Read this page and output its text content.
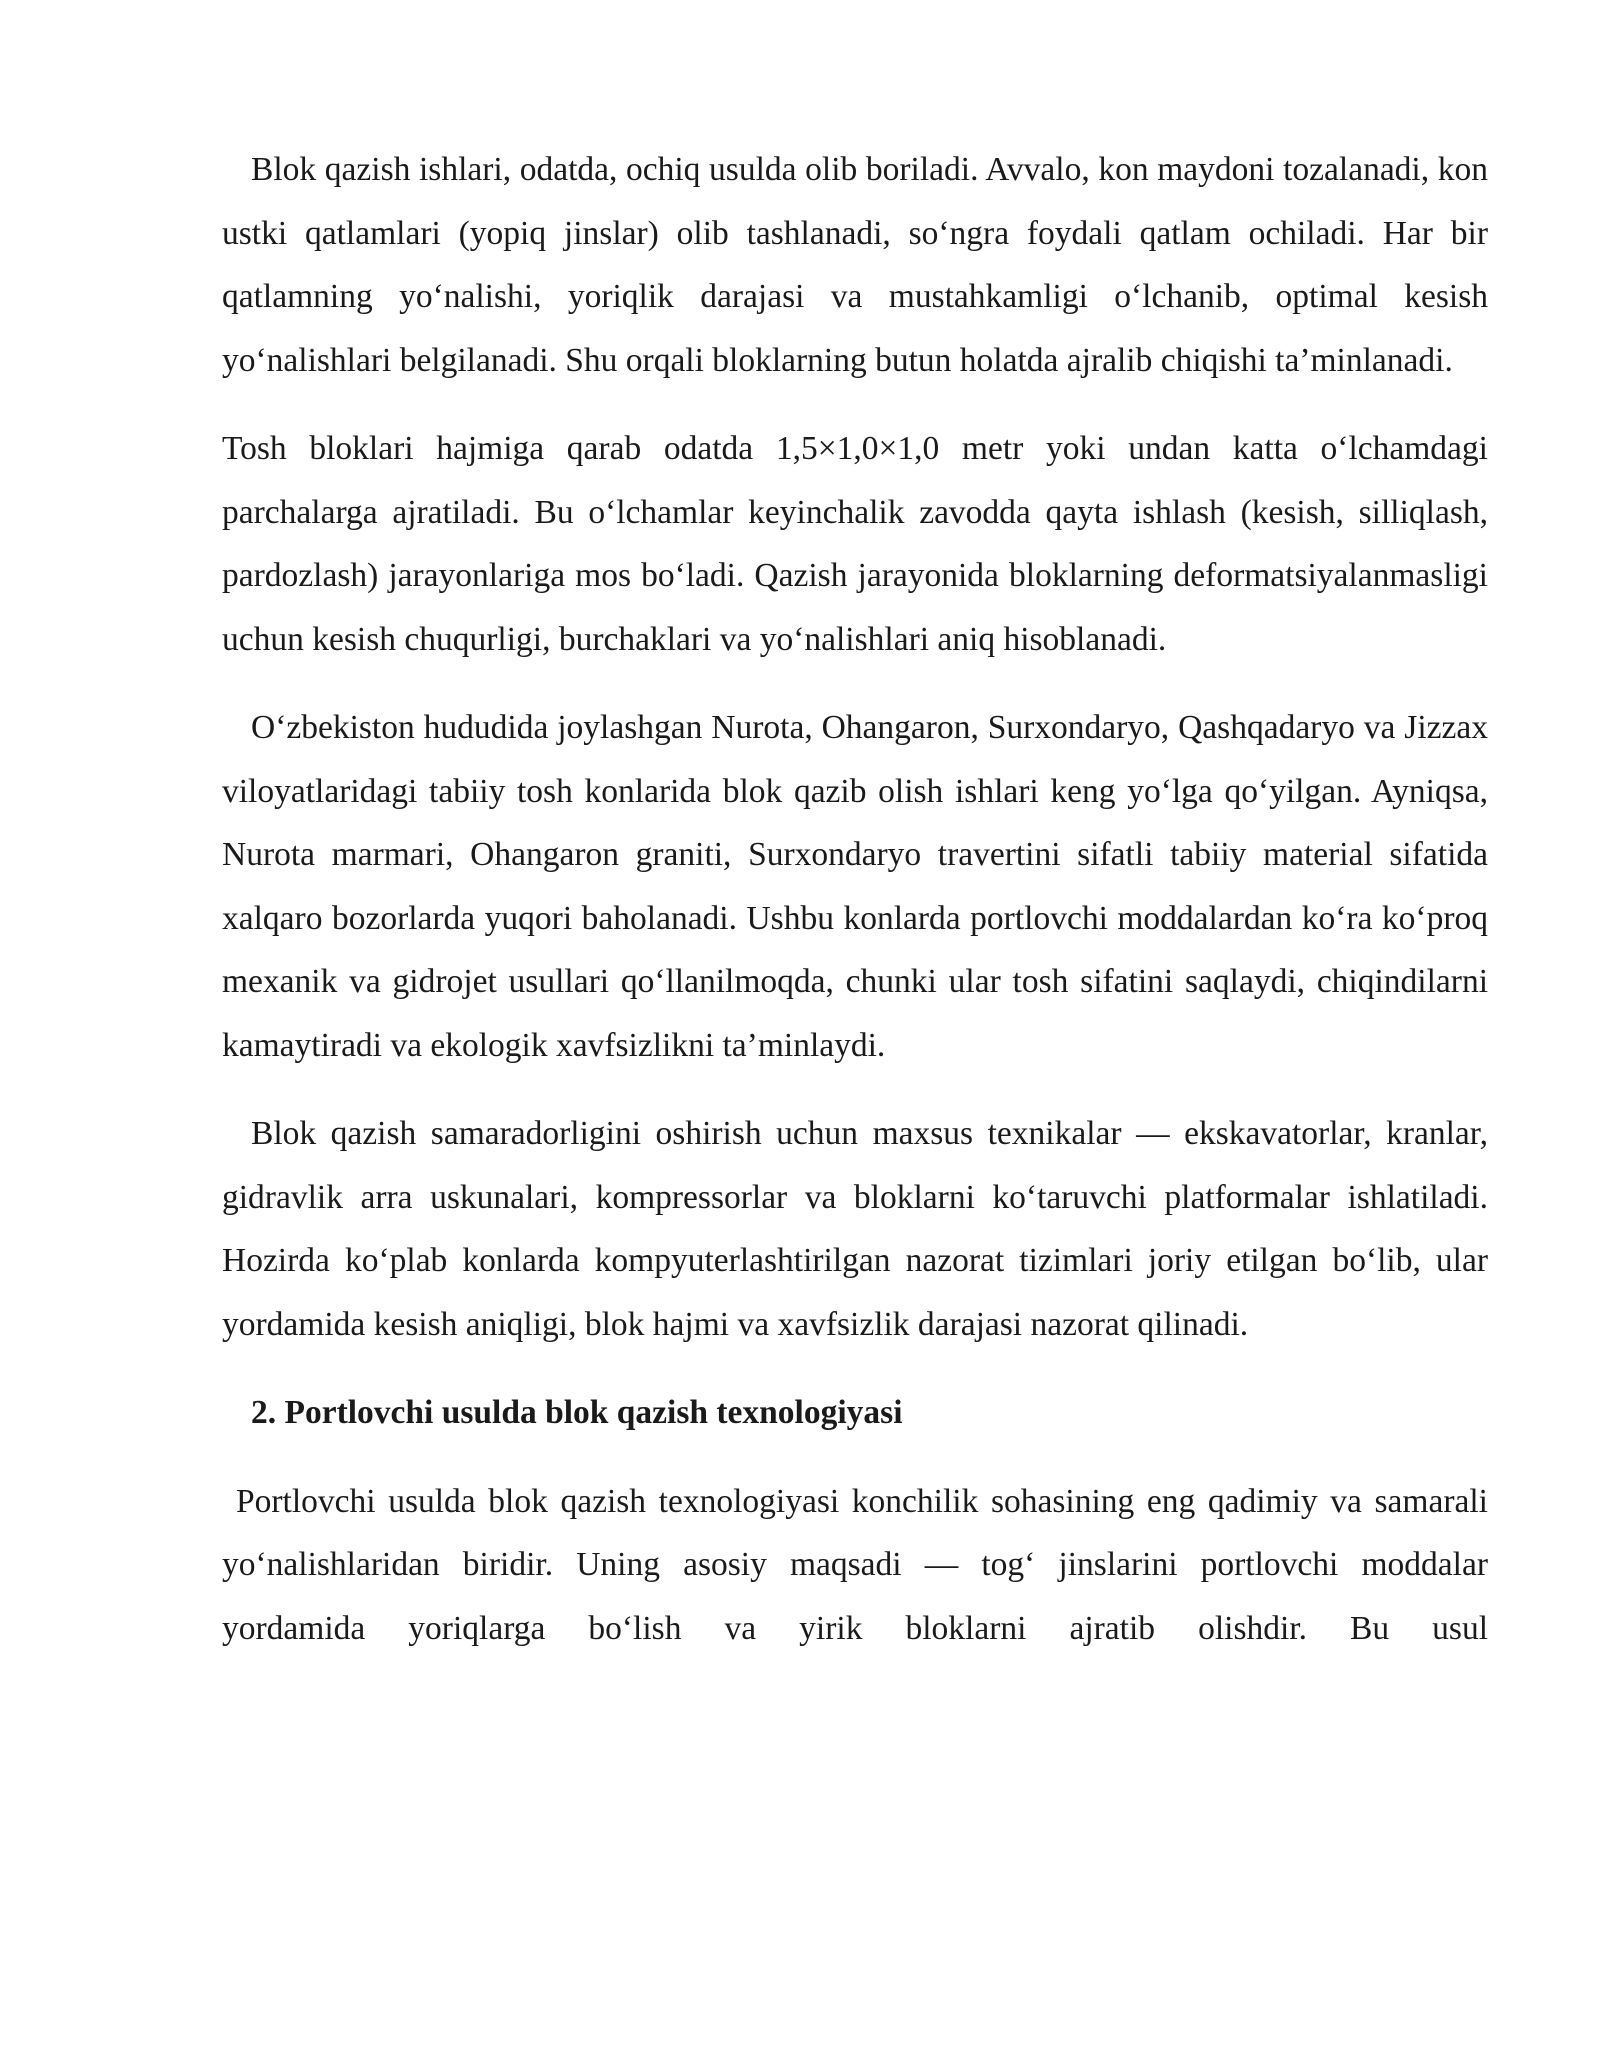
Blok qazish ishlari, odatda, ochiq usulda olib boriladi. Avvalo, kon maydoni tozalanadi, kon ustki qatlamlari (yopiq jinslar) olib tashlanadi, so‘ngra foydali qatlam ochiladi. Har bir qatlamning yo‘nalishi, yoriqlik darajasi va mustahkamligi o‘lchanib, optimal kesish yo‘nalishlari belgilanadi. Shu orqali bloklarning butun holatda ajralib chiqishi ta’minlanadi.

Tosh bloklari hajmiga qarab odatda 1,5×1,0×1,0 metr yoki undan katta o‘lchamdagi parchalarga ajratiladi. Bu o‘lchamlar keyinchalik zavodda qayta ishlash (kesish, silliqlash, pardozlash) jarayonlariga mos bo‘ladi. Qazish jarayonida bloklarning deformatsiyalanmasligi uchun kesish chuqurligi, burchaklari va yo‘nalishlari aniq hisoblanadi.

O‘zbekiston hududida joylashgan Nurota, Ohangaron, Surxondaryo, Qashqadaryo va Jizzax viloyatlaridagi tabiiy tosh konlarida blok qazib olish ishlari keng yo‘lga qo‘yilgan. Ayniqsa, Nurota marmari, Ohangaron graniti, Surxondaryo travertini sifatli tabiiy material sifatida xalqaro bozorlarda yuqori baholanadi. Ushbu konlarda portlovchi moddalardan ko‘ra ko‘proq mexanik va gidrojet usullari qo‘llanilmoqda, chunki ular tosh sifatini saqlaydi, chiqindilarni kamaytiradi va ekologik xavfsizlikni ta’minlaydi.

Blok qazish samaradorligini oshirish uchun maxsus texnikalar — ekskavatorlar, kranlar, gidravlik arra uskunalari, kompressorlar va bloklarni ko‘taruvchi platformalar ishlatiladi. Hozirda ko‘plab konlarda kompyuterlashtirilgan nazorat tizimlari joriy etilgan bo‘lib, ular yordamida kesish aniqligi, blok hajmi va xavfsizlik darajasi nazorat qilinadi.

2. Portlovchi usulda blok qazish texnologiyasi

Portlovchi usulda blok qazish texnologiyasi konchilik sohasining eng qadimiy va samarali yo‘nalishlaridan biridir. Uning asosiy maqsadi — tog‘ jinslarini portlovchi moddalar yordamida yoriqlarga bo‘lish va yirik bloklarni ajratib olishdir. Bu usul
